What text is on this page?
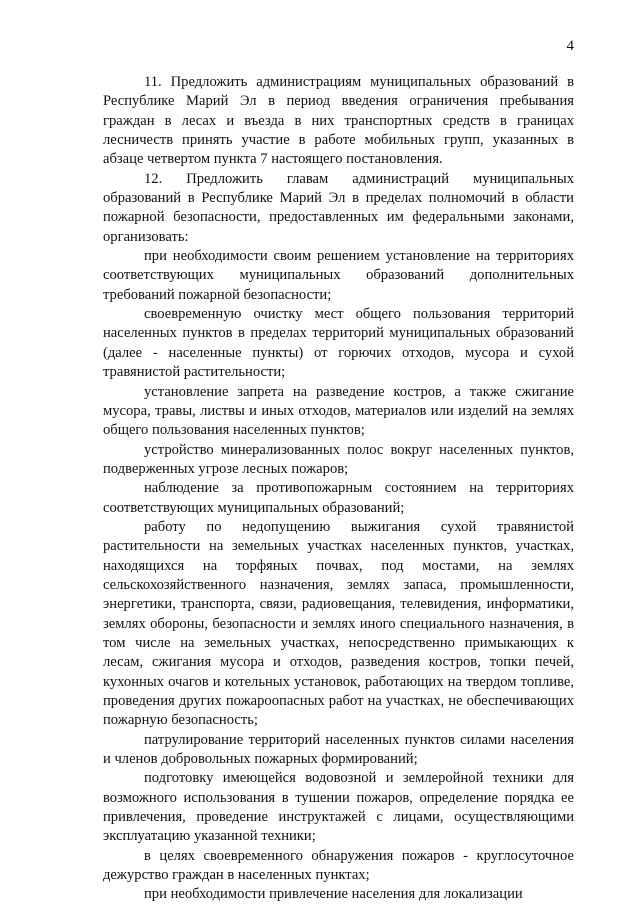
4

11. Предложить администрациям муниципальных образований в Республике Марий Эл в период введения ограничения пребывания граждан в лесах и въезда в них транспортных средств в границах лесничеств принять участие в работе мобильных групп, указанных в абзаце четвертом пункта 7 настоящего постановления.

12. Предложить главам администраций муниципальных образований в Республике Марий Эл в пределах полномочий в области пожарной безопасности, предоставленных им федеральными законами, организовать:

при необходимости своим решением установление на территориях соответствующих муниципальных образований дополнительных требований пожарной безопасности;

своевременную очистку мест общего пользования территорий населенных пунктов в пределах территорий муниципальных образований (далее - населенные пункты) от горючих отходов, мусора и сухой травянистой растительности;

установление запрета на разведение костров, а также сжигание мусора, травы, листвы и иных отходов, материалов или изделий на землях общего пользования населенных пунктов;

устройство минерализованных полос вокруг населенных пунктов, подверженных угрозе лесных пожаров;

наблюдение за противопожарным состоянием на территориях соответствующих муниципальных образований;

работу по недопущению выжигания сухой травянистой растительности на земельных участках населенных пунктов, участках, находящихся на торфяных почвах, под мостами, на землях сельскохозяйственного назначения, землях запаса, промышленности, энергетики, транспорта, связи, радиовещания, телевидения, информатики, землях обороны, безопасности и землях иного специального назначения, в том числе на земельных участках, непосредственно примыкающих к лесам, сжигания мусора и отходов, разведения костров, топки печей, кухонных очагов и котельных установок, работающих на твердом топливе, проведения других пожароопасных работ на участках, не обеспечивающих пожарную безопасность;

патрулирование территорий населенных пунктов силами населения и членов добровольных пожарных формирований;

подготовку имеющейся водовозной и землеройной техники для возможного использования в тушении пожаров, определение порядка ее привлечения, проведение инструктажей с лицами, осуществляющими эксплуатацию указанной техники;

в целях своевременного обнаружения пожаров - круглосуточное дежурство граждан в населенных пунктах;

при необходимости привлечение населения для локализации
